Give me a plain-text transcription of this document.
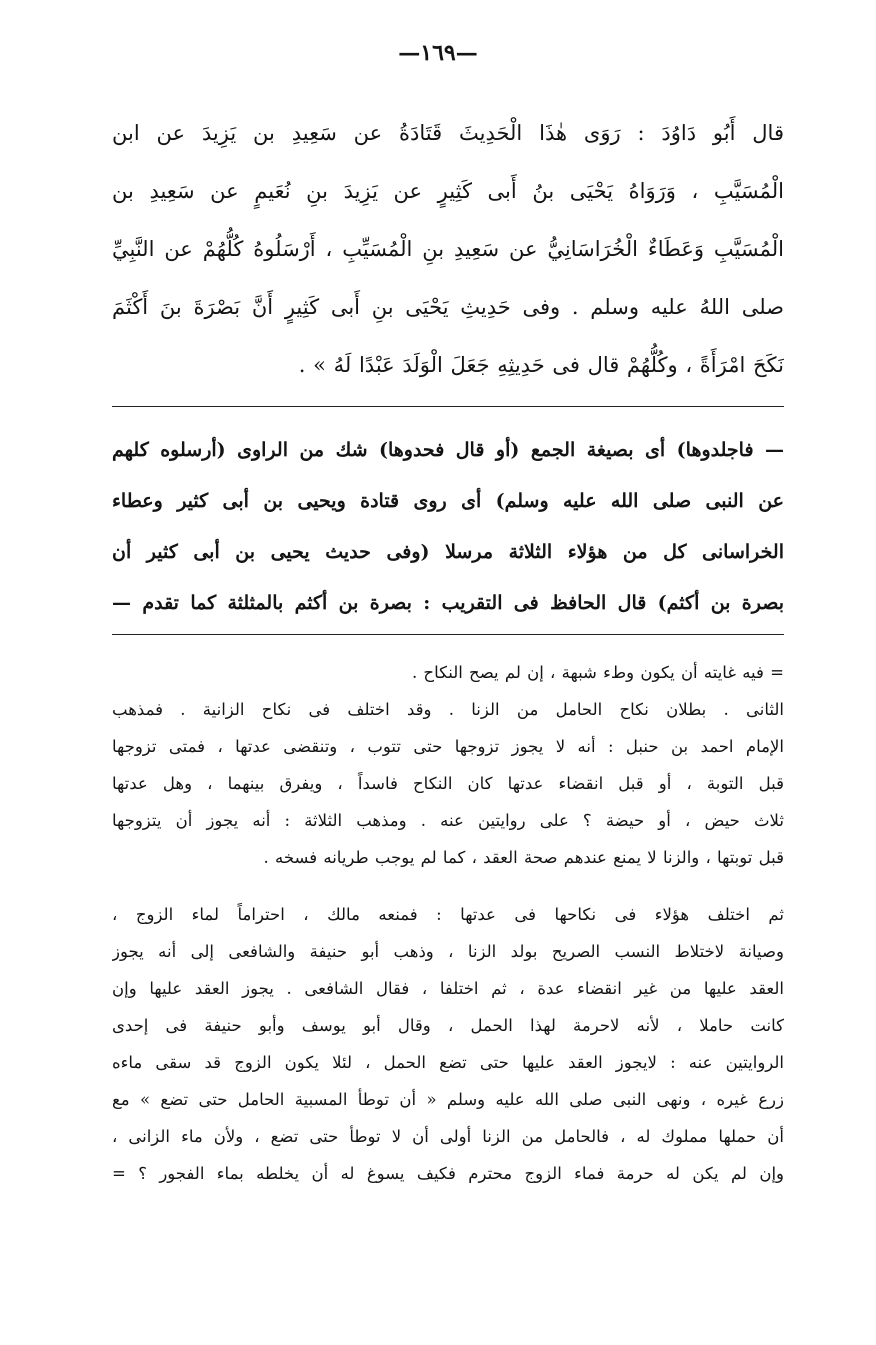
—١٦٩—
قال أَبُو دَاوُدَ : رَوَى هٰذَا الْحَدِيثَ قَتَادَةُ عن سَعِيدِ بن يَزِيدَ عن ابن
الْمُسَيَّبِ ، وَرَوَاهُ يَحْيَى بنُ أَبى كَثِيرٍ عن يَزِيدَ بنِ نُعَيمٍ عن سَعِيدِ بن
الْمُسَيَّبِ وَعَطَاءٌ الْخُرَاسَانِيُّ عن سَعِيدِ بنِ الْمُسَيِّبِ ، أَرْسَلُوهُ كُلُّهُمْ عن النَّبِيِّ
صلى اللهُ عليه وسلم . وفى حَدِيثِ يَحْيَى بنِ أَبى كَثِيرٍ أَنَّ بَصْرَةَ بنَ أَكْثَمَ
نَكَحَ امْرَأَةً ، وكُلُّهُمْ قال فى حَدِيثِهِ جَعَلَ الْوَلَدَ عَبْدًا لَهُ » .
— فاجلدوها) أى بصيغة الجمع (أو قال فحدوها) شك من الراوى (أرسلوه كلهم
عن النبى صلى الله عليه وسلم) أى روى قتادة ويحيى بن أبى كثير وعطاء
الخراسانى كل من هؤلاء الثلاثة مرسلا (وفى حديث يحيى بن أبى كثير أن
بصرة بن أكثم) قال الحافظ فى التقريب : بصرة بن أكثم بالمثلثة كما تقدم —
= فيه غايته أن يكون وطء شبهة ، إن لم يصح النكاح .
الثانى . بطلان نكاح الحامل من الزنا . وقد اختلف فى نكاح الزانية . فمذهب
الإمام احمد بن حنبل : أنه لا يجوز تزوجها حتى تتوب ، وتنقضى عدتها ، فمتى تزوجها
قبل التوبة ، أو قبل انقضاء عدتها كان النكاح فاسداً ، ويفرق بينهما ، وهل عدتها
ثلاث حيض ، أو حيضة ؟ على روايتين عنه . ومذهب الثلاثة : أنه يجوز أن يتزوجها
قبل توبتها ، والزنا لا يمنع عندهم صحة العقد ، كما لم يوجب طريانه فسخه .
ثم اختلف هؤلاء فى نكاحها فى عدتها : فمنعه مالك ، احتراماً لماء الزوج ،
وصيانة لاختلاط النسب الصريح بولد الزنا ، وذهب أبو حنيفة والشافعى إلى أنه يجوز
العقد عليها من غير انقضاء عدة ، ثم اختلفا ، فقال الشافعى . يجوز العقد عليها وإن
كانت حاملا ، لأنه لاحرمة لهذا الحمل ، وقال أبو يوسف وأبو حنيفة فى إحدى
الروايتين عنه : لايجوز العقد عليها حتى تضع الحمل ، لئلا يكون الزوج قد سقى ماءه
زرع غيره ، ونهى النبى صلى الله عليه وسلم « أن توطأ المسبية الحامل حتى تضع » مع
أن حملها مملوك له ، فالحامل من الزنا أولى أن لا توطأ حتى تضع ، ولأن ماء الزانى ،
وإن لم يكن له حرمة فماء الزوج محترم فكيف يسوغ له أن يخلطه بماء الفجور ؟ =
